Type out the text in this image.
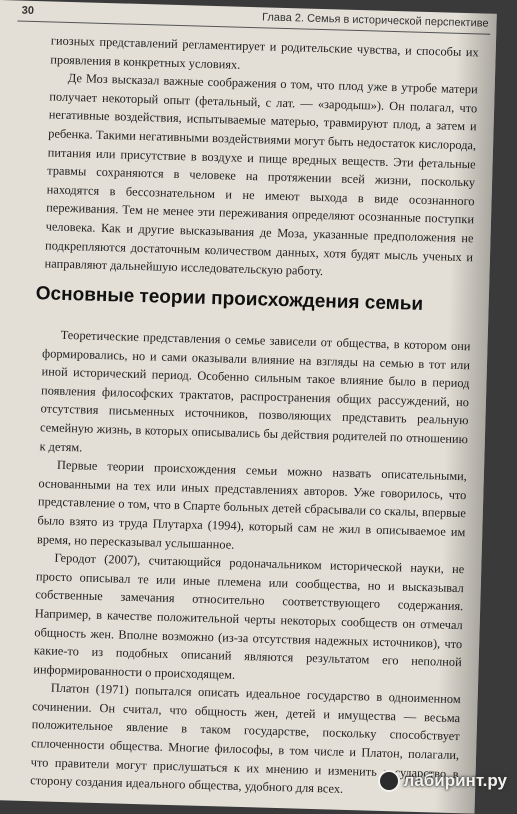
30
Глава 2. Семья в исторической перспективе

гиозных представлений регламентирует и родительские чувства, и способы их проявления в конкретных условиях.

Де Моз высказал важные соображения о том, что плод уже в утробе матери получает некоторый опыт (фетальный, с лат. — «зародыш»). Он полагал, что негативные воздействия, испытываемые матерью, травмируют плод, а затем и ребенка. Такими негативными воздействиями могут быть недостаток кислорода, питания или присутствие в воздухе и пище вредных веществ. Эти фетальные травмы сохраняются в человеке на протяжении всей жизни, поскольку находятся в бессознательном и не имеют выхода в виде осознанного переживания. Тем не менее эти переживания определяют осознанные поступки человека. Как и другие высказывания де Моза, указанные предположения не подкрепляются достаточным количеством данных, хотя будят мысль ученых и направляют дальнейшую исследовательскую работу.

Основные теории происхождения семьи

Теоретические представления о семье зависели от общества, в котором они формировались, но и сами оказывали влияние на взгляды на семью в тот или иной исторический период. Особенно сильным такое влияние было в период появления философских трактатов, распространения общих рассуждений, но отсутствия письменных источников, позволяющих представить реальную семейную жизнь, в которых описывались бы действия родителей по отношению к детям.

Первые теории происхождения семьи можно назвать описательными, основанными на тех или иных представлениях авторов. Уже говорилось, что представление о том, что в Спарте больных детей сбрасывали со скалы, впервые было взято из труда Плутарха (1994), который сам не жил в описываемое им время, но пересказывал услышанное.

Геродот (2007), считающийся родоначальником исторической науки, не просто описывал те или иные племена или сообщества, но и высказывал собственные замечания относительно соответствующего содержания. Например, в качестве положительной черты некоторых сообществ он отмечал общность жен. Вполне возможно (из-за отсутствия надежных источников), что какие-то из подобных описаний являются результатом его неполной информированности о происходящем.

Платон (1971) попытался описать идеальное государство в одноименном сочинении. Он считал, что общность жен, детей и имущества — весьма положительное явление в таком государстве, поскольку способствует сплоченности общества. Многие философы, в том числе и Платон, полагали, что правители могут прислушаться к их мнению и изменить государство в сторону создания идеального общества, удобного для всех.	лабиринт.ру
